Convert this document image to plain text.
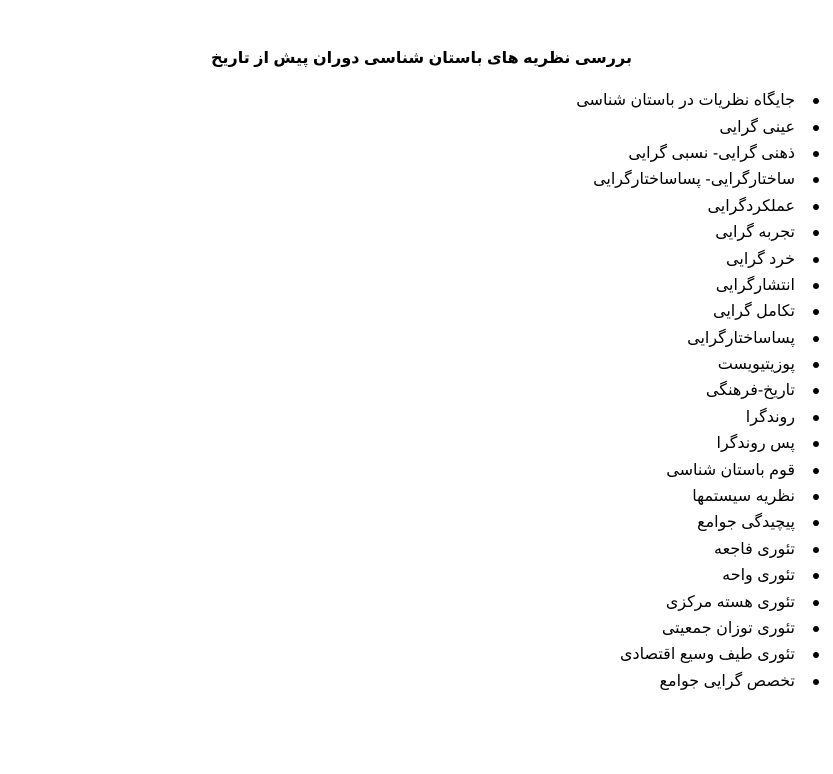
بررسی نظریه های باستان شناسی دوران پیش از تاریخ
جایگاه نظریات در باستان شناسی
عینی گرایی
ذهنی گرایی- نسبی گرایی
ساختارگرایی- پساساختارگرایی
عملکردگرایی
تجربه گرایی
خرد گرایی
انتشارگرایی
تکامل گرایی
پساساختارگرایی
پوزیتیویست
تاریخ-فرهنگی
روندگرا
پس روندگرا
قوم باستان شناسی
نظریه سیستمها
پیچیدگی جوامع
تئوری فاجعه
تئوری واحه
تئوری هسته مرکزی
تئوری توزان جمعیتی
تئوری طیف وسیع اقتصادی
تخصص گرایی جوامع
